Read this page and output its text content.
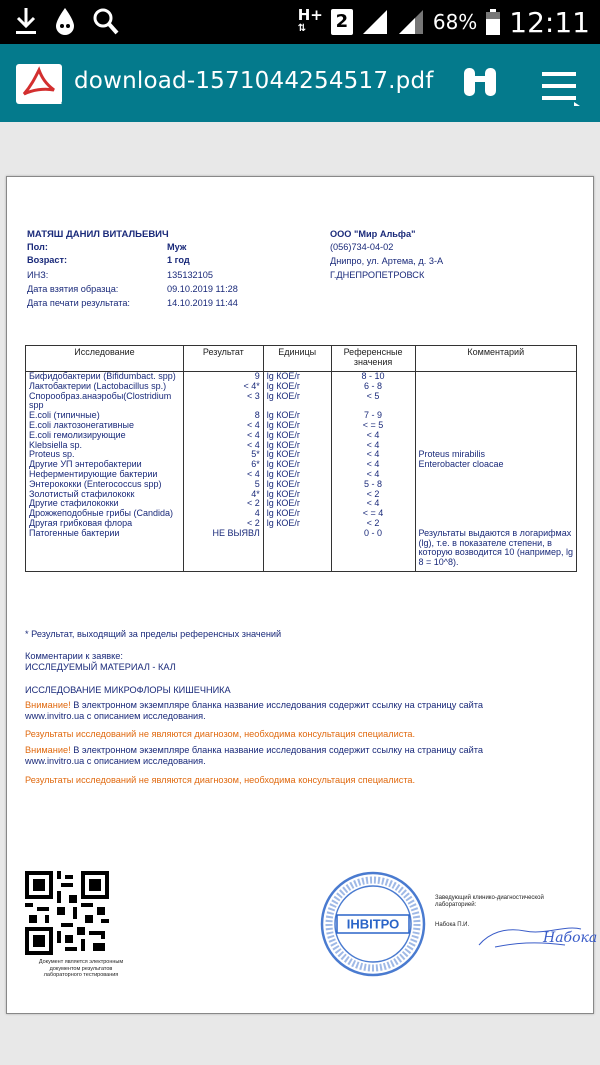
H+
⇅	2	68% 12:11
download-1571044254517.pdf
МАТЯШ ДАНИЛ ВИТАЛЬЕВИЧ
Пол:	Муж
Возраст:	1 год
ИНЗ:	135132105
Дата взятия образца:	09.10.2019 11:28
Дата печати результата:	14.10.2019 11:44
ООО "Мир Альфа"
(056)734-04-02
Днипро, ул. Артема, д. 3-А
Г.ДНЕПРОПЕТРОВСК
Исследование	Результат	Единицы	Референсные значения	Комментарий
Бифидобактерии (Bifidumbact. spp)	9	lg КОЕ/г	8 - 10	
Лактобактерии (Lactobacillus sp.)	< 4*	lg КОЕ/г	6 - 8	
Спорообраз.анаэробы(Clostridium spp	< 3	lg КОЕ/г	< 5	
E.coli (типичные)	8	lg КОЕ/г	7 - 9	
E.coli лактозонегативные	< 4	lg КОЕ/г	< = 5	
E.coli гемолизирующие	< 4	lg КОЕ/г	< 4	
Klebsiella sp.	< 4	lg КОЕ/г	< 4	
Proteus sp.	5*	lg КОЕ/г	< 4	Proteus mirabilis
Другие УП энтеробактерии	6*	lg КОЕ/г	< 4	Enterobacter cloacae
Неферментирующие бактерии	< 4	lg КОЕ/г	< 4	
Энтерококки (Enterococcus spp)	5	lg КОЕ/г	5 - 8	
Золотистый стафилококк	4*	lg КОЕ/г	< 2	
Другие стафилококки	< 2	lg КОЕ/г	< 4	
Дрожжеподобные грибы (Candida)	4	lg КОЕ/г	< = 4	
Другая грибковая флора	< 2	lg КОЕ/г	< 2	
Патогенные бактерии	НЕ ВЫЯВЛ		0 - 0	Результаты выдаются в логарифмах (lg), т.е. в показателе степени, в которую возводится 10 (например, lg 8 = 10^8).
* Результат, выходящий за пределы референсных значений
Комментарии к заявке:
ИССЛЕДУЕМЫЙ МАТЕРИАЛ - КАЛ
ИССЛЕДОВАНИЕ МИКРОФЛОРЫ КИШЕЧНИКА
Внимание! В электронном экземпляре бланка название исследования содержит ссылку на страницу сайта
www.invitro.ua с описанием исследования.
Результаты исследований не являются диагнозом, необходима консультация специалиста.
Внимание! В электронном экземпляре бланка название исследования содержит ссылку на страницу сайта
www.invitro.ua с описанием исследования.
Результаты исследований не являются диагнозом, необходима консультация специалиста.
Документ является электронным документом результатов лабораторного тестирования
ІНВІТРО
Заведующий клинико-диагностической лабораторией:
Набока П.И.
Набока
